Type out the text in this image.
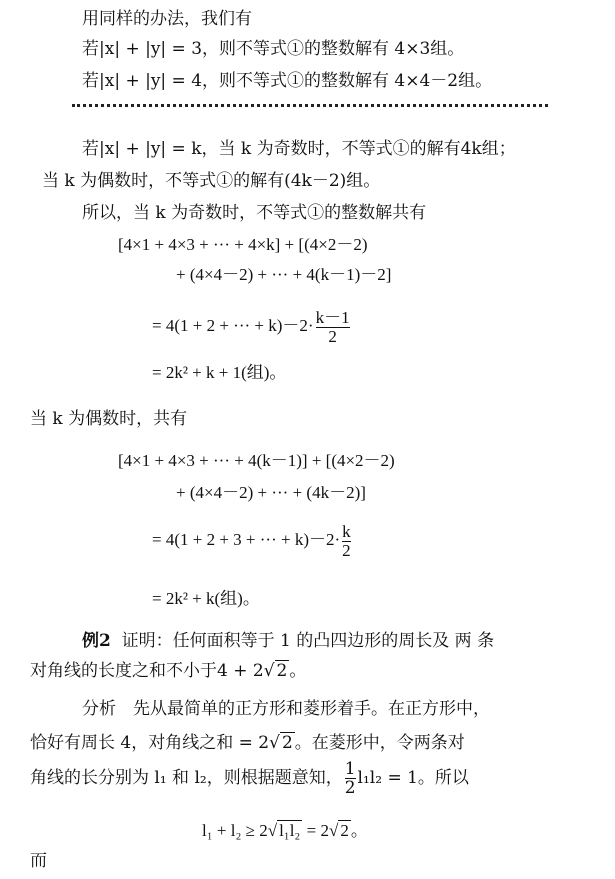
用同样的办法，我们有
若|x| + |y| = 3，则不等式①的整数解有 4×3组。
若|x| + |y| = 4，则不等式①的整数解有 4×4－2组。
若|x| + |y| = k，当 k 为奇数时，不等式①的解有4k组；
当 k 为偶数时，不等式①的解有(4k－2)组。
所以，当 k 为奇数时，不等式①的整数解共有
[4×1 + 4×3 + ··· + 4×k] + [(4×2－2)
+ (4×4－2) + ··· + 4(k－1)－2]
= 4(1 + 2 + ··· + $k)-2\cdot \frac{k-1}{2}$
= 2k² + k + 1(组)。
当 k 为偶数时，共有
[4×1 + 4×3 + ··· + 4(k－1)] + [(4×2－2)
+ (4×4－2) + ··· + (4k－2)]
= 4(1 + 2 + 3 + ··· + $k)-2\cdot \frac{k}{2}$
= 2k² + k(组)。
例2 证明：任何面积等于 1 的凸四边形的周长及 两 条
对角线的长度之和不小于4 + 2 √ 2 。
分析　先从最简单的正方形和菱形着手。在正方形中，
恰好有周长 4，对角线之和 = 2 √ 2 。在菱形中，令两条对
角线的长分别为 l₁ 和 l₂，则根据题意知， $\frac{1}{2} l_1l_2 = 1$。所以
l₁ + l₂ ≥ 2 √ l₁l₂ = 2 √ 2 。
而
